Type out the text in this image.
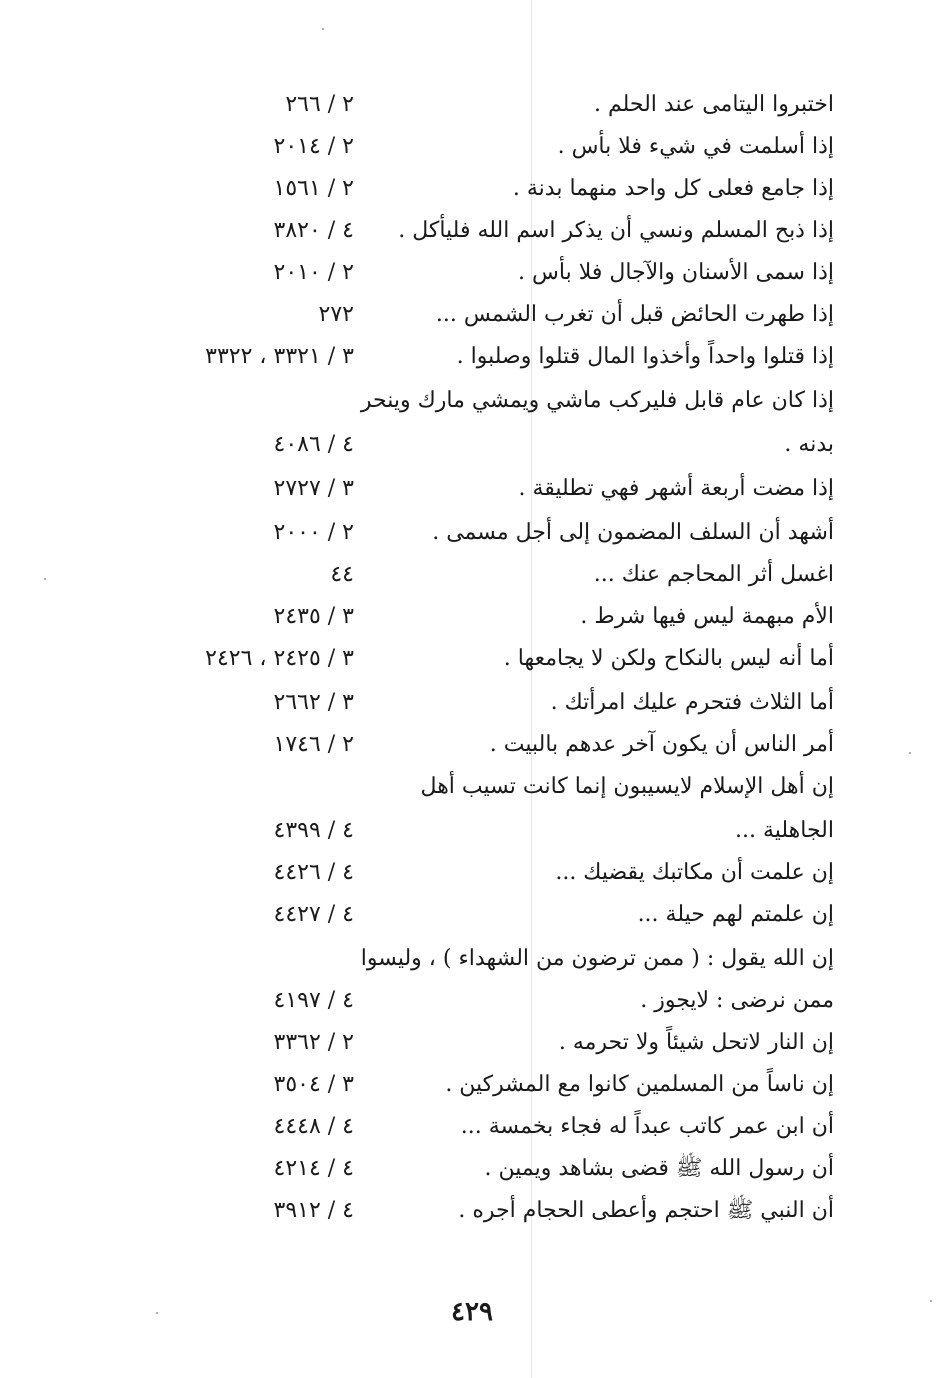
اختبروا اليتامى عند الحلم .
٢ / ٢٦٦
إذا أسلمت في شيء فلا بأس .
٢ / ٢٠١٤
إذا جامع فعلى كل واحد منهما بدنة .
٢ / ١٥٦١
إذا ذبح المسلم ونسي أن يذكر اسم الله فليأكل .
٤ / ٣٨٢٠
إذا سمى الأسنان والآجال فلا بأس .
٢ / ٢٠١٠
إذا طهرت الحائض قبل أن تغرب الشمس ...
٢٧٢
إذا قتلوا واحداً وأخذوا المال قتلوا وصلبوا .
٣ / ٣٣٢١ ، ٣٣٢٢
إذا كان عام قابل فليركب ماشي ويمشي مارك وينحر
بدنه .
٤ / ٤٠٨٦
إذا مضت أربعة أشهر فهي تطليقة .
٣ / ٢٧٢٧
أشهد أن السلف المضمون إلى أجل مسمى .
٢ / ٢٠٠٠
اغسل أثر المحاجم عنك ...
٤٤
الأم مبهمة ليس فيها شرط .
٣ / ٢٤٣٥
أما أنه ليس بالنكاح ولكن لا يجامعها .
٣ / ٢٤٢٥ ، ٢٤٢٦
أما الثلاث فتحرم عليك امرأتك .
٣ / ٢٦٦٢
أمر الناس أن يكون آخر عدهم بالبيت .
٢ / ١٧٤٦
إن أهل الإسلام لايسيبون إنما كانت تسيب أهل
الجاهلية ...
٤ / ٤٣٩٩
إن علمت أن مكاتبك يقضيك ...
٤ / ٤٤٢٦
إن علمتم لهم حيلة ...
٤ / ٤٤٢٧
إن الله يقول : ( ممن ترضون من الشهداء ) ، وليسوا
ممن نرضى : لايجوز .
٤ / ٤١٩٧
إن النار لاتحل شيئاً ولا تحرمه .
٢ / ٣٣٦٢
إن ناساً من المسلمين كانوا مع المشركين .
٣ / ٣٥٠٤
أن ابن عمر كاتب عبداً له فجاء بخمسة ...
٤ / ٤٤٤٨
أن رسول الله ﷺ قضى بشاهد ويمين .
٤ / ٤٢١٤
أن النبي ﷺ احتجم وأعطى الحجام أجره .
٤ / ٣٩١٢
٤٢٩
